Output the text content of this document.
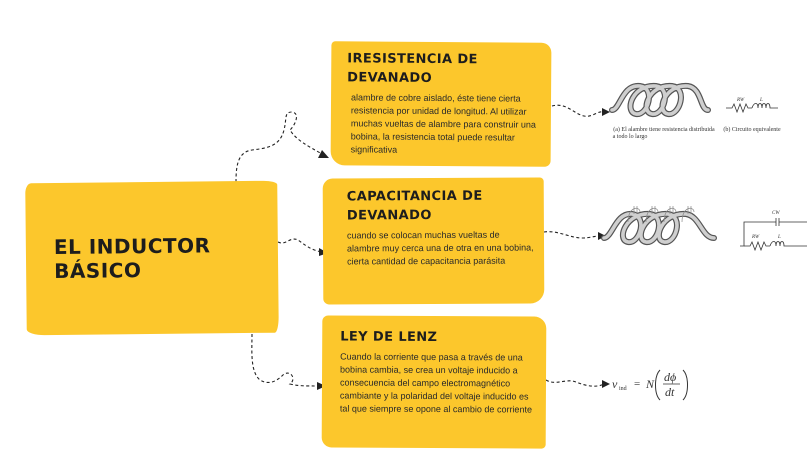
(a) El alambre tiene resistencia distribuida
a todo lo largo
RW	L
(b) Circuito equivalente
CW
RW	L
v ind = N dϕ
dt
EL INDUCTOR BÁSICO
IRESISTENCIA DE DEVANADO
alambre de cobre aislado, éste tiene cierta resistencia por unidad de longitud. Al utilizar muchas vueltas de alambre para construir una bobina, la resistencia total puede resultar significativa
CAPACITANCIA DE DEVANADO
cuando se colocan muchas vueltas de alambre muy cerca una de otra en una bobina, cierta cantidad de capacitancia parásita
LEY DE LENZ
Cuando la corriente que pasa a través de una bobina cambia, se crea un voltaje inducido a consecuencia del campo electromagnético cambiante y la polaridad del voltaje inducido es tal que siempre se opone al cambio de corriente
